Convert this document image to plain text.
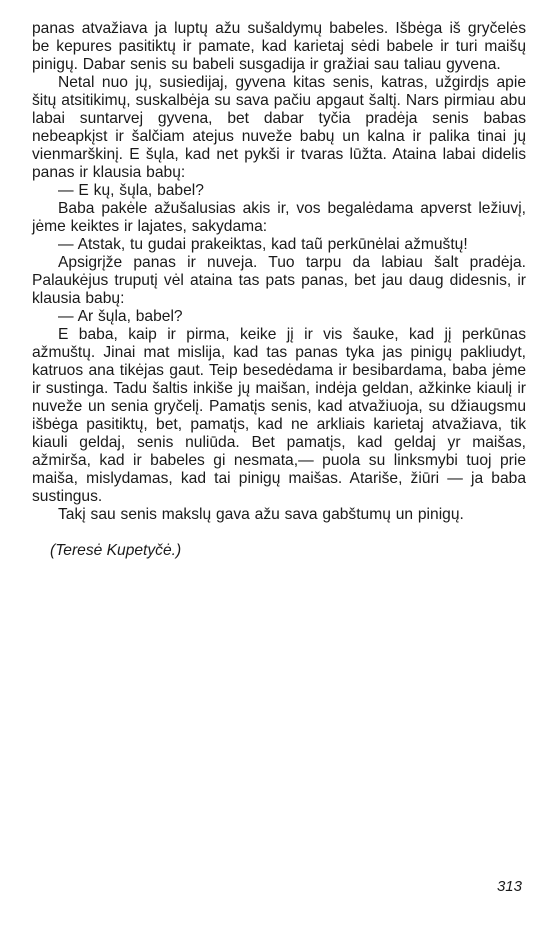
panas atvažiava ja luptų ažu sušaldymų babeles. Išbėga iš gryčelės be kepures pasitiktų ir pamate, kad karietaj sėdi babele ir turi maišų pinigų. Dabar senis su babeli susgadija ir gražiai sau taliau gyvena.

Netal nuo jų, susiedijaj, gyvena kitas senis, katras, užgirdįs apie šitų atsitikimų, suskalbėja su sava pačiu apgaut šaltį. Nars pirmiau abu labai suntarvej gyvena, bet dabar tyčia pradėja senis babas nebeapkįst ir šalčiam atejus nuveže babų un kalna ir palika tinai jų vienmarškinį. E šųla, kad net pykši ir tvaras lūžta. Ataina labai didelis panas ir klausia babų:

— E kų, šųla, babel?

Baba pakėle ažušalusias akis ir, vos begalėdama apverst ležiuvį, jėme keiktes ir lajates, sakydama:

— Atstak, tu gudai prakeiktas, kad taũ perkūnėlai ažmuštų!

Apsigrįže panas ir nuveja. Tuo tarpu da labiau šalt pradėja. Palaukėjus truputį vėl ataina tas pats panas, bet jau daug didesnis, ir klausia babų:

— Ar šųla, babel?

E baba, kaip ir pirma, keike jį ir vis šauke, kad jį perkūnas ažmuštų. Jinai mat mislija, kad tas panas tyka jas pinigų pakliudyt, katruos ana tikėjas gaut. Teip besedėdama ir besibardama, baba jėme ir sustinga. Tadu šaltis inkiše jų maišan, indėja geldan, ažkinke kiaulį ir nuveže un senia gryčelį. Pamatįs senis, kad atvažiuoja, su džiaugsmu išbėga pasitiktų, bet, pamatįs, kad ne arkliais karietaj atvažiava, tik kiauli geldaj, senis nuliūda. Bet pamatįs, kad geldaj yr maišas, ažmirša, kad ir babeles gi nesmata,— puola su linksmybi tuoj prie maiša, mislydamas, kad tai pinigų maišas. Atariše, žiūri — ja baba sustingus.

Takį sau senis makslų gava ažu sava gabštumų un pinigų.

(Teresė Kupetyčė.)

313
